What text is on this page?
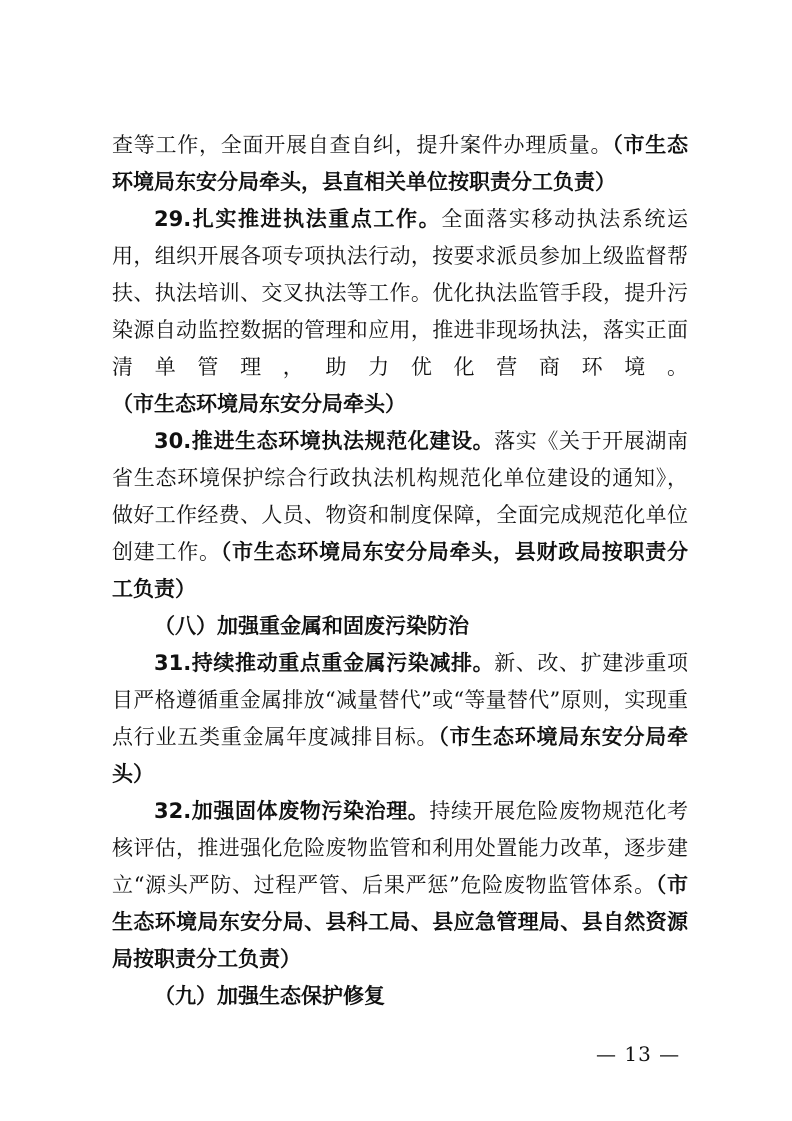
查等工作，全面开展自查自纠，提升案件办理质量。（市生态环境局东安分局牵头，县直相关单位按职责分工负责）

29.扎实推进执法重点工作。全面落实移动执法系统运用，组织开展各项专项执法行动，按要求派员参加上级监督帮扶、执法培训、交叉执法等工作。优化执法监管手段，提升污染源自动监控数据的管理和应用，推进非现场执法，落实正面清单管理，助力优化营商环境。（市生态环境局东安分局牵头）

30.推进生态环境执法规范化建设。落实《关于开展湖南省生态环境保护综合行政执法机构规范化单位建设的通知》，做好工作经费、人员、物资和制度保障，全面完成规范化单位创建工作。（市生态环境局东安分局牵头，县财政局按职责分工负责）

（八）加强重金属和固废污染防治

31.持续推动重点重金属污染减排。新、改、扩建涉重项目严格遵循重金属排放“减量替代”或“等量替代”原则，实现重点行业五类重金属年度减排目标。（市生态环境局东安分局牵头）

32.加强固体废物污染治理。持续开展危险废物规范化考核评估，推进强化危险废物监管和利用处置能力改革，逐步建立“源头严防、过程严管、后果严惩”危险废物监管体系。（市生态环境局东安分局、县科工局、县应急管理局、县自然资源局按职责分工负责）

（九）加强生态保护修复

— 13 —
